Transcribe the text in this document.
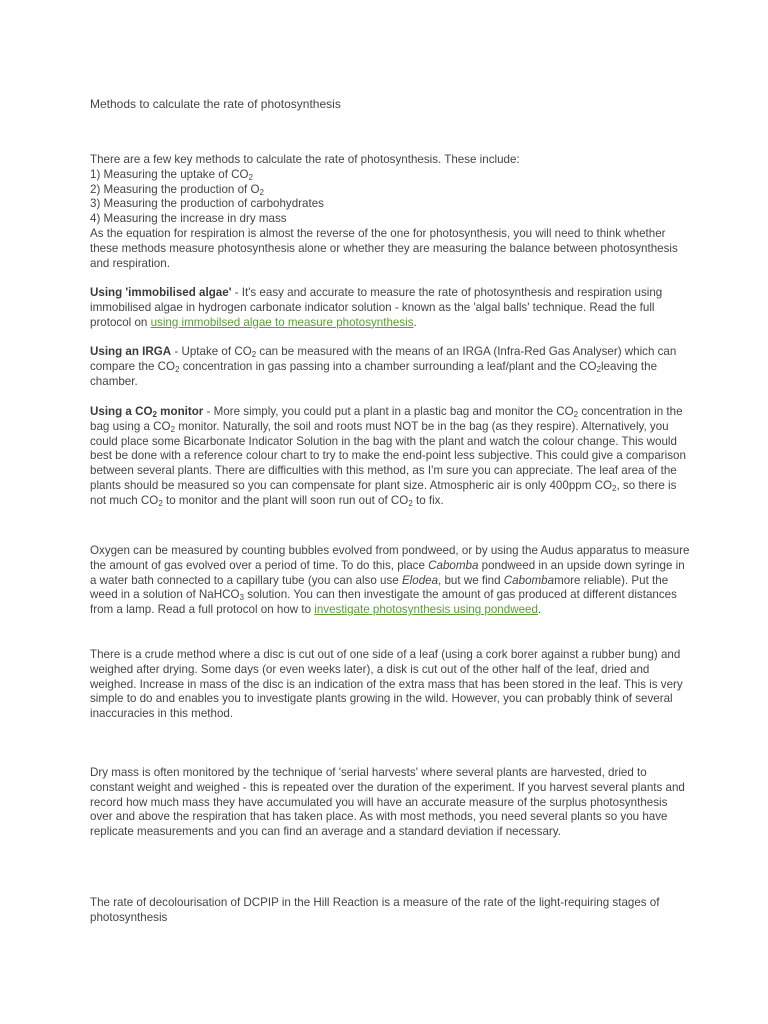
Methods to calculate the rate of photosynthesis

There are a few key methods to calculate the rate of photosynthesis. These include:
1) Measuring the uptake of $CO_2$
2) Measuring the production of $O_2$
3) Measuring the production of carbohydrates
4) Measuring the increase in dry mass
As the equation for respiration is almost the reverse of the one for photosynthesis, you will need to think whether these methods measure photosynthesis alone or whether they are measuring the balance between photosynthesis and respiration.

Using 'immobilised algae' - It's easy and accurate to measure the rate of photosynthesis and respiration using immobilised algae in hydrogen carbonate indicator solution - known as the 'algal balls' technique. Read the full protocol on using immobilsed algae to measure photosynthesis.

Using an IRGA - Uptake of $CO_2$ can be measured with the means of an IRGA (Infra-Red Gas Analyser) which can compare the $CO_2$ concentration in gas passing into a chamber surrounding a leaf/plant and the $CO_2leaving$ the chamber.

Using a $CO_2$ monitor - More simply, you could put a plant in a plastic bag and monitor the $CO_2$ concentration in the bag using a $CO_2$ monitor. Naturally, the soil and roots must NOT be in the bag (as they respire). Alternatively, you could place some Bicarbonate Indicator Solution in the bag with the plant and watch the colour change. This would best be done with a reference colour chart to try to make the end-point less subjective. This could give a comparison between several plants. There are difficulties with this method, as I'm sure you can appreciate. The leaf area of the plants should be measured so you can compensate for plant size. Atmospheric air is only 400ppm $CO_2$, so there is not much $CO_2$ to monitor and the plant will soon run out of $CO_2$ to fix.

Oxygen can be measured by counting bubbles evolved from pondweed, or by using the Audus apparatus to measure the amount of gas evolved over a period of time. To do this, place Cabomba pondweed in an upside down syringe in a water bath connected to a capillary tube (you can also use Elodea, but we find Cabombamore reliable). Put the weed in a solution of NaHCO$_3$ solution. You can then investigate the amount of gas produced at different distances from a lamp. Read a full protocol on how to investigate photosynthesis using pondweed.

There is a crude method where a disc is cut out of one side of a leaf (using a cork borer against a rubber bung) and weighed after drying. Some days (or even weeks later), a disk is cut out of the other half of the leaf, dried and weighed. Increase in mass of the disc is an indication of the extra mass that has been stored in the leaf. This is very simple to do and enables you to investigate plants growing in the wild. However, you can probably think of several inaccuracies in this method.

Dry mass is often monitored by the technique of 'serial harvests' where several plants are harvested, dried to constant weight and weighed - this is repeated over the duration of the experiment. If you harvest several plants and record how much mass they have accumulated you will have an accurate measure of the surplus photosynthesis over and above the respiration that has taken place. As with most methods, you need several plants so you have replicate measurements and you can find an average and a standard deviation if necessary.

The rate of decolourisation of DCPIP in the Hill Reaction is a measure of the rate of the light-requiring stages of photosynthesis
